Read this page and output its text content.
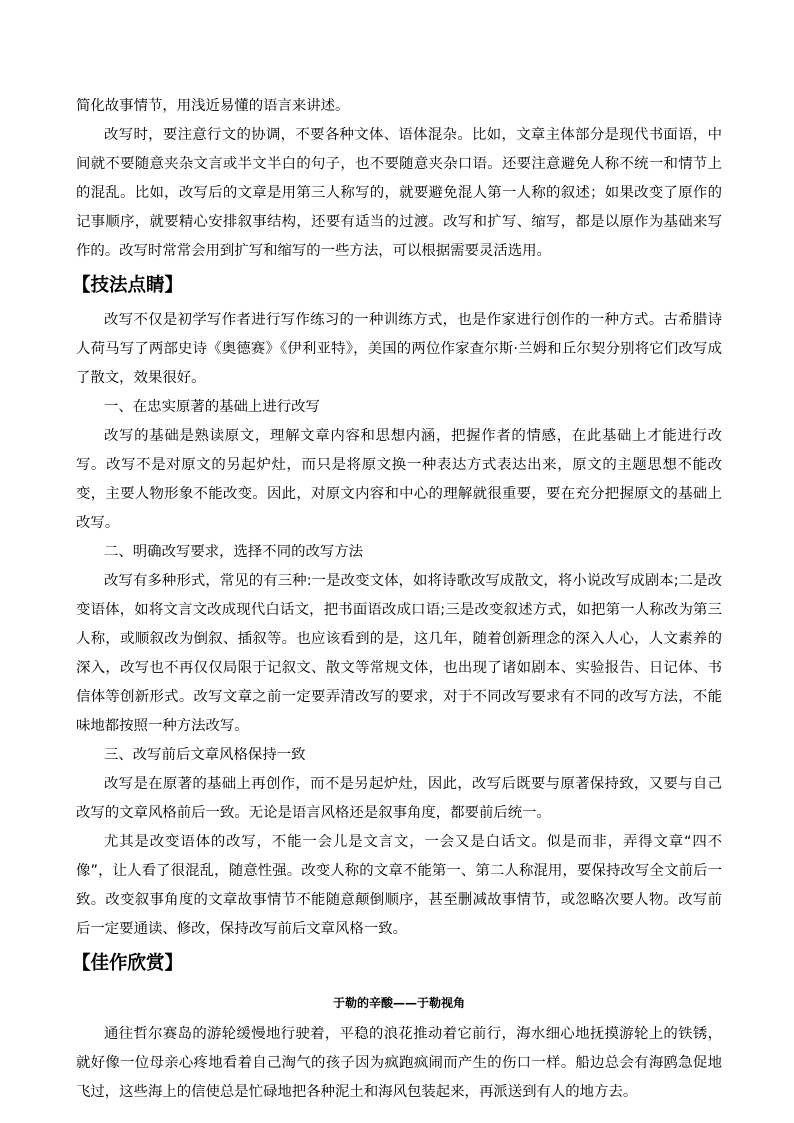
简化故事情节，用浅近易懂的语言来讲述。

改写时，要注意行文的协调，不要各种文体、语体混杂。比如，文章主体部分是现代书面语，中间就不要随意夹杂文言或半文半白的句子，也不要随意夹杂口语。还要注意避免人称不统一和情节上的混乱。比如，改写后的文章是用第三人称写的，就要避免混人第一人称的叙述；如果改变了原作的记事顺序，就要精心安排叙事结构，还要有适当的过渡。改写和扩写、缩写，都是以原作为基础来写作的。改写时常常会用到扩写和缩写的一些方法，可以根据需要灵活选用。

【技法点睛】

改写不仅是初学写作者进行写作练习的一种训练方式，也是作家进行创作的一种方式。古希腊诗人荷马写了两部史诗《奥德赛》《伊利亚特》，美国的两位作家查尔斯·兰姆和丘尔契分别将它们改写成了散文，效果很好。

一、在忠实原著的基础上进行改写

改写的基础是熟读原文，理解文章内容和思想内涵，把握作者的情感，在此基础上才能进行改写。改写不是对原文的另起炉灶，而只是将原文换一种表达方式表达出来，原文的主题思想不能改变，主要人物形象不能改变。因此，对原文内容和中心的理解就很重要，要在充分把握原文的基础上改写。

二、明确改写要求，选择不同的改写方法

改写有多种形式，常见的有三种:一是改变文体，如将诗歌改写成散文，将小说改写成剧本;二是改变语体，如将文言文改成现代白话文，把书面语改成口语;三是改变叙述方式，如把第一人称改为第三人称，或顺叙改为倒叙、插叙等。也应该看到的是，这几年，随着创新理念的深入人心，人文素养的深入，改写也不再仅仅局限于记叙文、散文等常规文体，也出现了诸如剧本、实验报告、日记体、书信体等创新形式。改写文章之前一定要弄清改写的要求，对于不同改写要求有不同的改写方法，不能味地都按照一种方法改写。

三、改写前后文章风格保持一致

改写是在原著的基础上再创作，而不是另起炉灶，因此，改写后既要与原著保持致，又要与自己改写的文章风格前后一致。无论是语言风格还是叙事角度，都要前后统一。

尤其是改变语体的改写，不能一会儿是文言文，一会又是白话文。似是而非，弄得文章“四不像”，让人看了很混乱，随意性强。改变人称的文章不能第一、第二人称混用，要保持改写全文前后一致。改变叙事角度的文章故事情节不能随意颠倒顺序，甚至删减故事情节，或忽略次要人物。改写前后一定要通读、修改，保持改写前后文章风格一致。

【佳作欣赏】
于勒的辛酸——于勒视角

通往哲尔赛岛的游轮缓慢地行驶着，平稳的浪花推动着它前行，海水细心地抚摸游轮上的铁锈，就好像一位母亲心疼地看着自己淘气的孩子因为疯跑疯闹而产生的伤口一样。船边总会有海鸥急促地飞过，这些海上的信使总是忙碌地把各种泥土和海风包装起来，再派送到有人的地方去。
